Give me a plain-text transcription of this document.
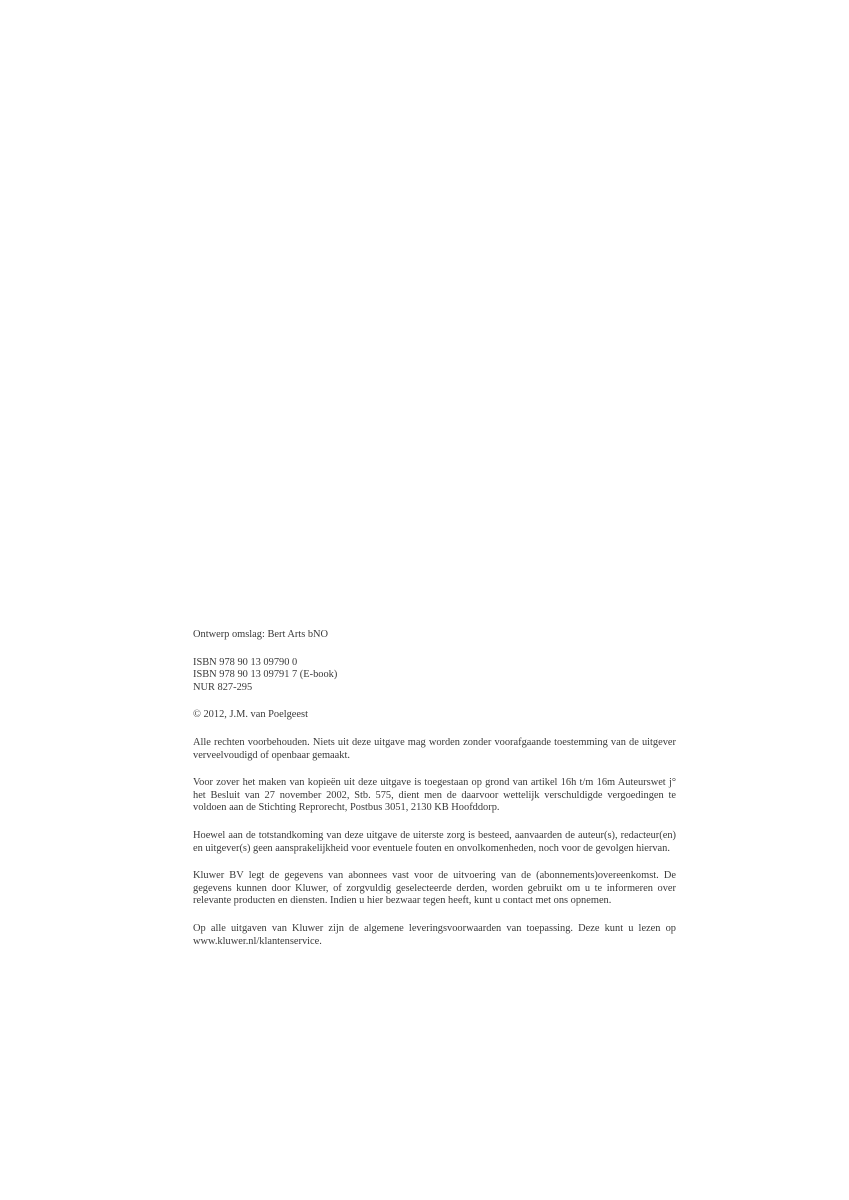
Ontwerp omslag: Bert Arts bNO
ISBN 978 90 13 09790 0
ISBN 978 90 13 09791 7 (E-book)
NUR 827-295
© 2012, J.M. van Poelgeest
Alle rechten voorbehouden. Niets uit deze uitgave mag worden zonder voorafgaande toestemming van de uitgever verveelvoudigd of openbaar gemaakt.
Voor zover het maken van kopieën uit deze uitgave is toegestaan op grond van artikel 16h t/m 16m Auteurswet j° het Besluit van 27 november 2002, Stb. 575, dient men de daarvoor wettelijk verschuldigde vergoedingen te voldoen aan de Stichting Reprorecht, Postbus 3051, 2130 KB Hoofddorp.
Hoewel aan de totstandkoming van deze uitgave de uiterste zorg is besteed, aanvaarden de auteur(s), redacteur(en) en uitgever(s) geen aansprakelijkheid voor eventuele fouten en onvolkomenheden, noch voor de gevolgen hiervan.
Kluwer BV legt de gegevens van abonnees vast voor de uitvoering van de (abonnements)overeenkomst. De gegevens kunnen door Kluwer, of zorgvuldig geselecteerde derden, worden gebruikt om u te informeren over relevante producten en diensten. Indien u hier bezwaar tegen heeft, kunt u contact met ons opnemen.
Op alle uitgaven van Kluwer zijn de algemene leveringsvoorwaarden van toepassing. Deze kunt u lezen op www.kluwer.nl/klantenservice.
